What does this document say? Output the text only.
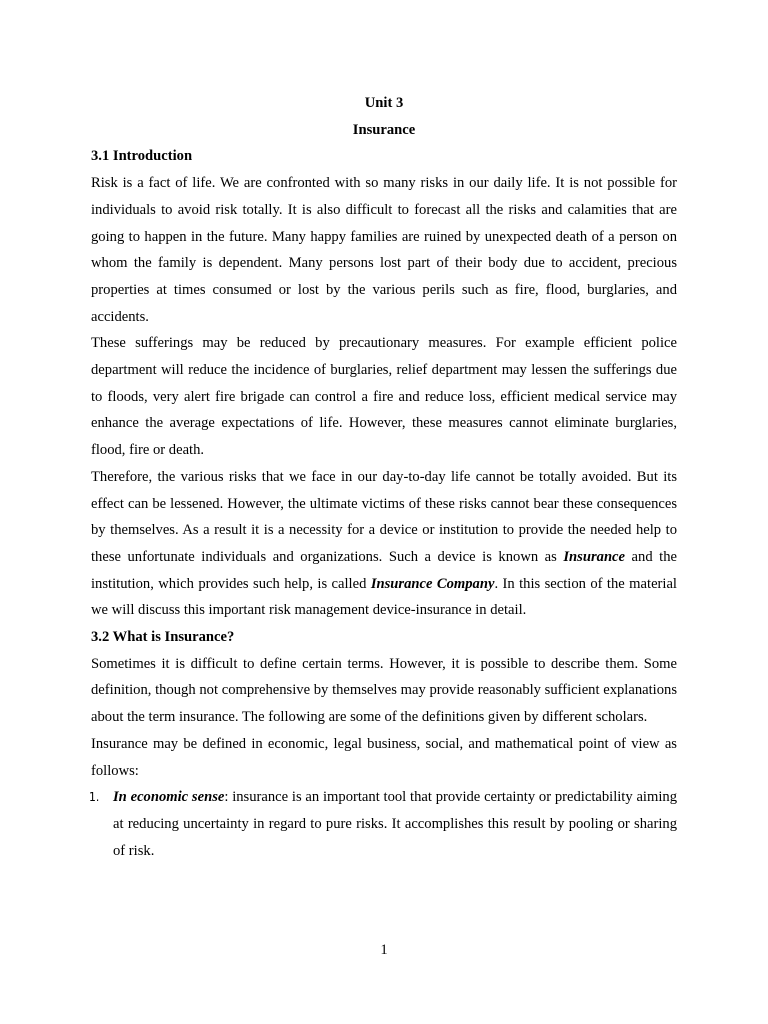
Unit 3
Insurance
3.1 Introduction

Risk is a fact of life. We are confronted with so many risks in our daily life. It is not possible for individuals to avoid risk totally. It is also difficult to forecast all the risks and calamities that are going to happen in the future. Many happy families are ruined by unexpected death of a person on whom the family is dependent. Many persons lost part of their body due to accident, precious properties at times consumed or lost by the various perils such as fire, flood, burglaries, and accidents.

These sufferings may be reduced by precautionary measures. For example efficient police department will reduce the incidence of burglaries, relief department may lessen the sufferings due to floods, very alert fire brigade can control a fire and reduce loss, efficient medical service may enhance the average expectations of life. However, these measures cannot eliminate burglaries, flood, fire or death.

Therefore, the various risks that we face in our day-to-day life cannot be totally avoided. But its effect can be lessened. However, the ultimate victims of these risks cannot bear these consequences by themselves. As a result it is a necessity for a device or institution to provide the needed help to these unfortunate individuals and organizations. Such a device is known as Insurance and the institution, which provides such help, is called Insurance Company. In this section of the material we will discuss this important risk management device-insurance in detail.

3.2 What is Insurance?

Sometimes it is difficult to define certain terms. However, it is possible to describe them. Some definition, though not comprehensive by themselves may provide reasonably sufficient explanations about the term insurance. The following are some of the definitions given by different scholars.

Insurance may be defined in economic, legal business, social, and mathematical point of view as follows:

1. In economic sense: insurance is an important tool that provide certainty or predictability aiming at reducing uncertainty in regard to pure risks. It accomplishes this result by pooling or sharing of risk.
1
